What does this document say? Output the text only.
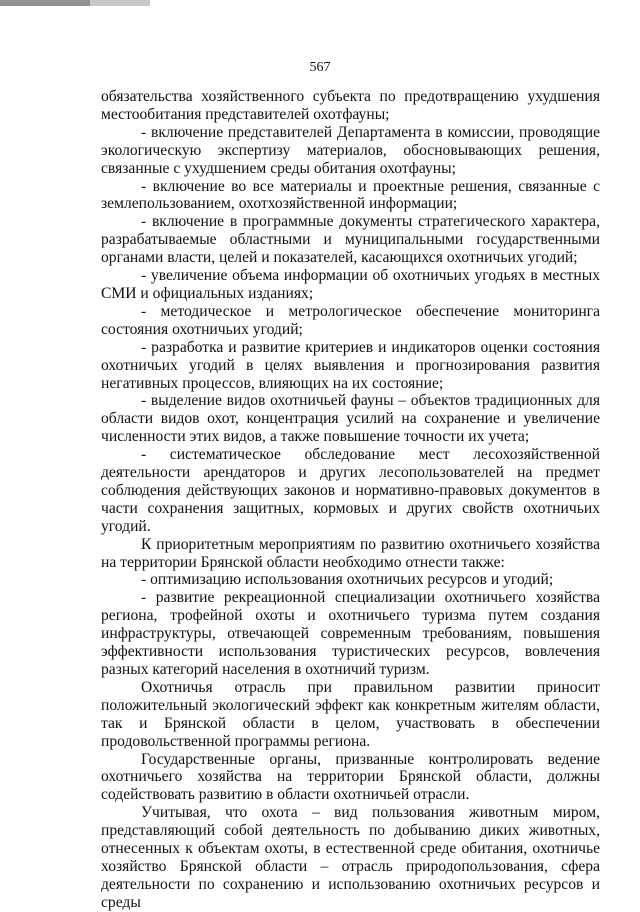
567

обязательства хозяйственного субъекта по предотвращению ухудшения местообитания представителей охотфауны;

- включение представителей Департамента в комиссии, проводящие экологическую экспертизу материалов, обосновывающих решения, связанные с ухудшением среды обитания охотфауны;

- включение во все материалы и проектные решения, связанные с землепользованием, охотхозяйственной информации;

- включение в программные документы стратегического характера, разрабатываемые областными и муниципальными государственными органами власти, целей и показателей, касающихся охотничьих угодий;

- увеличение объема информации об охотничьих угодьях в местных СМИ и официальных изданиях;

- методическое и метрологическое обеспечение мониторинга состояния охотничьих угодий;

- разработка и развитие критериев и индикаторов оценки состояния охотничьих угодий в целях выявления и прогнозирования развития негативных процессов, влияющих на их состояние;

- выделение видов охотничьей фауны – объектов традиционных для области видов охот, концентрация усилий на сохранение и увеличение численности этих видов, а также повышение точности их учета;

- систематическое обследование мест лесохозяйственной деятельности арендаторов и других лесопользователей на предмет соблюдения действующих законов и нормативно-правовых документов в части сохранения защитных, кормовых и других свойств охотничьих угодий.

К приоритетным мероприятиям по развитию охотничьего хозяйства на территории Брянской области необходимо отнести также:

- оптимизацию использования охотничьих ресурсов и угодий;

- развитие рекреационной специализации охотничьего хозяйства региона, трофейной охоты и охотничьего туризма путем создания инфраструктуры, отвечающей современным требованиям, повышения эффективности использования туристических ресурсов, вовлечения разных категорий населения в охотничий туризм.

Охотничья отрасль при правильном развитии приносит положительный экологический эффект как конкретным жителям области, так и Брянской области в целом, участвовать в обеспечении продовольственной программы региона.

Государственные органы, призванные контролировать ведение охотничьего хозяйства на территории Брянской области, должны содействовать развитию в области охотничьей отрасли.

Учитывая, что охота – вид пользования животным миром, представляющий собой деятельность по добыванию диких животных, отнесенных к объектам охоты, в естественной среде обитания, охотничье хозяйство Брянской области – отрасль природопользования, сфера деятельности по сохранению и использованию охотничьих ресурсов и среды
